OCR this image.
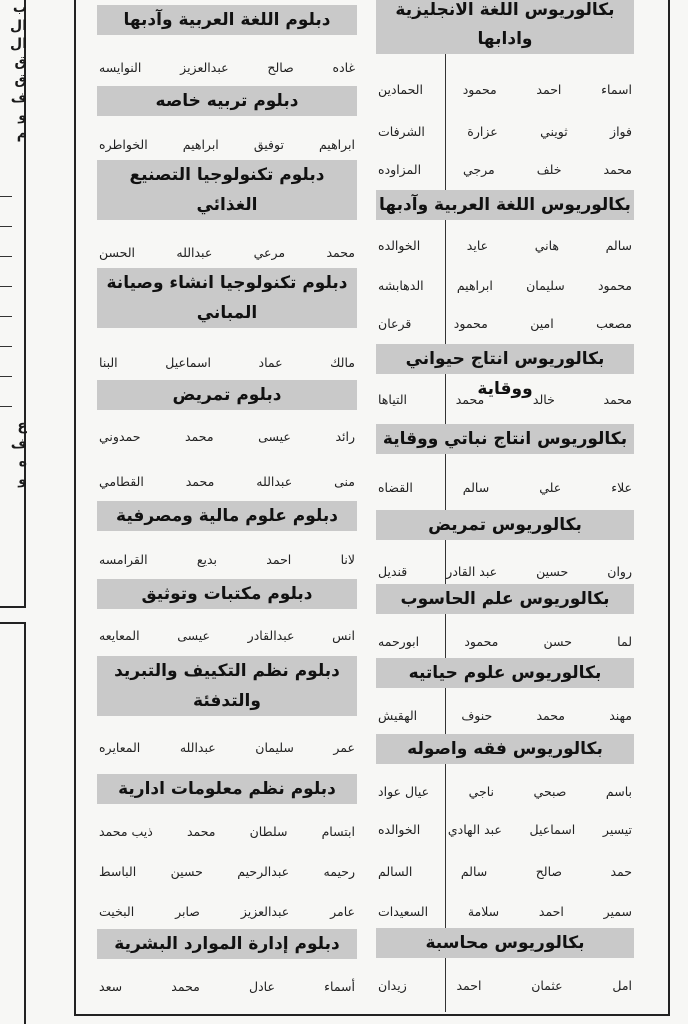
ب
ال
ال
ق
ق
ف
و
م
ع
ف
ه
و
بكالوريوس اللغة الانجليزية وادابها
اسماء
احمد
محمود
الحمادين
فواز
ثويني
عزارة
الشرفات
محمد
خلف
مرجي
المزاوده
بكالوريوس اللغة العربية وآدبها
سالم
هاني
عايد
الخوالده
محمود
سليمان
ابراهيم
الدهابشه
مصعب
امين
محمود
قرعان
بكالوريوس انتاج حيواني ووقاية	محمد
خالد
محمد
التياها
بكالوريوس انتاج نباتي ووقاية
علاء
علي
سالم
القضاه
بكالوريوس تمريض
روان
حسين
عبد القادر
قنديل
بكالوريوس علم الحاسوب
لما
حسن
محمود
ابورحمه
بكالوريوس علوم حياتيه
مهند
محمد
حنوف
الهقيش
بكالوريوس فقه واصوله
باسم
صبحي
ناجي
عيال عواد
تيسير
اسماعيل
عبد الهادي
الخوالده
حمد
صالح
سالم
السالم
سمير
احمد
سلامة
السعيدات
بكالوريوس محاسبة
امل
عثمان
احمد
زيدان
دبلوم اللغة العربية وآدبها
غاده
صالح
عبدالعزيز
النوايسه
دبلوم تربيه خاصه
ابراهيم
توفيق
ابراهيم
الخواطره
دبلوم تكنولوجيا التصنيع الغذائي
محمد
مرعي
عبدالله
الحسن
دبلوم تكنولوجيا انشاء وصيانة المباني
مالك
عماد
اسماعيل
البنا
دبلوم تمريض
رائد
عيسى
محمد
حمدوني
منى
عبدالله
محمد
القطامي
دبلوم علوم مالية ومصرفية
لانا
احمد
بديع
القرامسه
دبلوم مكتبات وتوثيق
انس
عبدالقادر
عيسى
المعايعه
دبلوم نظم التكييف والتبريد والتدفئة
عمر
سليمان
عبدالله
المعايره
دبلوم نظم معلومات ادارية
ابتسام
سلطان
محمد
ذيب محمد
رحيمه
عبدالرحيم
حسين
الباسط
عامر
عبدالعزيز
صابر
البخيت
دبلوم إدارة الموارد البشرية
أسماء
عادل
محمد
سعد
